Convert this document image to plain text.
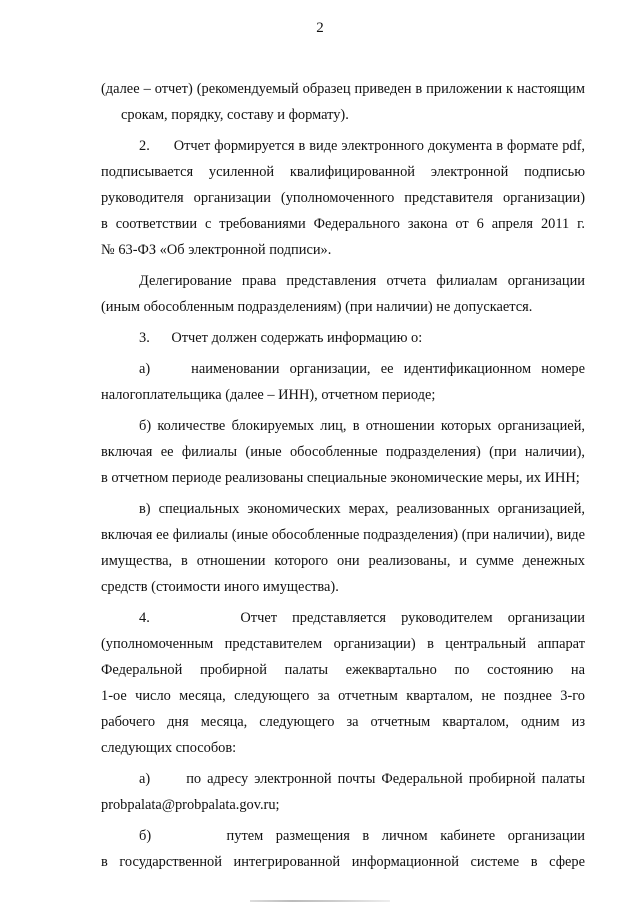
2
(далее – отчет) (рекомендуемый образец приведен в приложении к настоящим
срокам, порядку, составу и формату).
2.      Отчет формируется в виде электронного документа в формате pdf,
подписывается усиленной квалифицированной электронной подписью
руководителя организации (уполномоченного представителя организации)
в соответствии с требованиями Федерального закона от 6 апреля 2011 г.
№ 63-ФЗ «Об электронной подписи».
Делегирование права представления отчета филиалам организации
(иным обособленным подразделениям) (при наличии) не допускается.
3.      Отчет должен содержать информацию о:
а)    наименовании организации, ее идентификационном номере
налогоплательщика (далее – ИНН), отчетном периоде;
б) количестве блокируемых лиц, в отношении которых организацией,
включая ее филиалы (иные обособленные подразделения) (при наличии),
в отчетном периоде реализованы специальные экономические меры, их ИНН;
в) специальных экономических мерах, реализованных организацией,
включая ее филиалы (иные обособленные подразделения) (при наличии), виде
имущества, в отношении которого они реализованы, и сумме денежных
средств (стоимости иного имущества).
4.      Отчет представляется руководителем организации
(уполномоченным представителем организации) в центральный аппарат
Федеральной пробирной палаты ежеквартально по состоянию на
1-ое число месяца, следующего за отчетным кварталом, не позднее 3-го
рабочего дня месяца, следующего за отчетным кварталом, одним из
следующих способов:
а)      по адресу электронной почты Федеральной пробирной палаты
probpalata@probpalata.gov.ru;
б)      путем размещения в личном кабинете организации
в государственной интегрированной информационной системе в сфере
